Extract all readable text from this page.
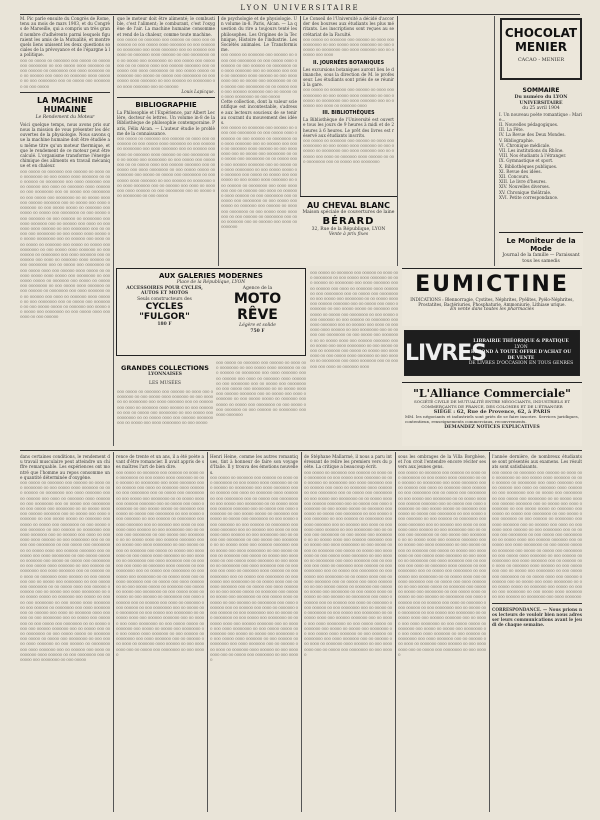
LYON UNIVERSITAIRE

M. Pic parle ensuite du Congrès de Rome, tenu au mois de mars 1903, et du Congrès de Marseille, qui a compris un très grand nombre d'adhérents parmi lesquels figuraient les amis de la Mutualité, et montre quels liens unissent les deux questions sociales de la prévoyance et de l'épargne à la politique.

ooo oo ooooo oo ooooooo ooo ooooo oo ooooo ooo oooooooo oo ooo ooooo oooo ooooooo oo ooo oooooo oo oooooooo ooo oooo ooooooo ooo oo oooooo ooo oooo oo ooooooo oooo oooooo oo ooo oooooooo ooo oo ooooo ooo oooooooo oo ooo ooooo

LA MACHINE HUMAINE

Le Rendement du Moteur

Voici quelque temps, nous avons pris sur nous la mission de vous présenter les découvertes de la physiologie. Nous savons que la machine humaine doit être étudiée au même titre qu'un moteur thermique, et que le rendement de ce moteur peut être calculé. L'organisme transforme l'énergie chimique des aliments en travail mécanique et en chaleur.

ooo ooooo oo ooooooo ooo oooooo oo oooo ooo oooooooo oo ooo ooooo oooo ooooooo oo ooo oooooo oo oooooooo ooo oooo ooooooo ooo oo oooooo ooo oooo oo ooooooo oooo oooooo oo ooo oooooooo ooo oo ooooo ooo oooooooo oo ooo ooooo ooo oooooooo oo oo ooooo oooo ooo oooooo ooooooo ooo oo ooooo ooo oooo oooooooo oo ooo ooooo ooooo oo ooooooo ooo ooooo oo ooooo ooo oooooooo oo ooo ooooo oooo ooooooo oo ooo oooooo oo oooooooo ooo oooo ooooooo ooo oo oooooo ooo oooo oo ooooooo oooo oooooo oo ooo oooooooo ooo oo ooooo ooo oooooooo oo ooo ooooo oooo ooooo oo ooooo oooooooo ooo oo oooooo ooo oooo oooo ooooo oo ooooooo ooo ooooo oo ooooo ooo oooooooo oo ooo ooooo oooo ooooooo oo ooo oooooo oo oooooooo ooo oooo ooooooo ooo oo oooooo ooo oooo oo ooooooo oooo oooooo oo ooo oooooooo ooo oo ooooo ooo oooooooo oo ooo ooooo oooo ooo oooooo oooo ooooo oo oooooo ooooo oooo ooooo ooo oooooooo oo ooo ooooo ooooo oo ooooooo ooo ooooo oo ooooo ooo oooooooo oo ooo ooooo oooo ooooooo oo ooo oooooo oo oooooooo ooo oooo ooooooo ooo oo oooooo ooo oooo oo ooooooo oooo oooooo oo ooo oooooooo ooo oo ooooo ooo oooooooo oo ooo ooooo ooooo oo ooooooo ooo ooooo oo ooooo ooo oooooooo oo ooo ooooo oooo ooooooo oo ooo oooooo

que le moteur doit être alimenté; le combustible, c'est l'aliment; le comburant, c'est l'oxygène de l'air. La machine humaine consomme et rend de la chaleur, comme toute machine.

ooo ooooo oo ooooooo ooo oooooo oo oooo ooo oooooooo oo ooo ooooo oooo ooooooo oo ooo oooooo oo oooooooo ooo oooo ooooooo ooo oo oooooo ooo oooo oo ooooooo oooo oooooo oo ooo oooooooo ooo oo ooooo ooo oooooooo oo ooo ooooo ooo oooooooo oo oo ooooo oooo ooo oooooo ooooooo ooo oo ooooo ooo oooo oooooooo oo ooo ooooo ooooo oo ooooooo ooo ooooo oo ooooo ooo oooooooo oo ooo ooooo oooo ooooooo oo ooo oooooo oo oooooooo ooo oooo ooooooo ooo oo oooooo

Louis Lapicque.

BIBLIOGRAPHIE

La Philosophie et l'Expérience, par Albert Leclère, docteur ès lettres. Un volume in-8 de la Bibliothèque de philosophie contemporaine. Paris, Félix Alcan. — L'auteur étudie le problème de la connaissance.

ooo ooooo oo ooooooo ooo oooooo oo oooo ooo oooooooo oo ooo ooooo oooo ooooooo oo ooo oooooo oo oooooooo ooo oooo ooooooo ooo oo oooooo ooo oooo oo ooooooo oooo oooooo oo ooo oooooooo ooo oo ooooo ooo oooooooo oo ooo ooooo ooo oooooooo oo oo ooooo oooo ooo oooooo ooooooo ooo oo ooooo ooo oooo oooooooo oo ooo ooooo ooooo oo ooooooo ooo ooooo oo ooooo ooo oooooooo oo ooo ooooo oooo ooooooo oo ooo oooooo oo oooooooo ooo oooo ooooooo ooo oo oooooo ooo oooo oo ooooooo oooo oooooo oo ooo oooooooo ooo oo ooooo ooo oooooooo oo ooo ooooo

de psychologie et de physiologie. Un volume in-8. Paris, Alcan. — La question du rire a toujours tenté les philosophes. Les Origines de la Technique, Histoire de l'industrie. Les Sociétés animales. Le Transformisme.

ooo ooooo oo ooooooo ooo oooooo oo oooo ooo oooooooo oo ooo ooooo oooo ooooooo oo ooo oooooo oo oooooooo ooo oooo ooooooo ooo oo oooooo ooo oooo oo ooooooo oooo oooooo oo ooo oooooooo ooo oo ooooo ooo oooooooo oo ooo ooooo ooo oooooooo oo oo ooooo oooo ooo oooooo ooooooo ooo oo ooooo ooo oooo oooooooo oo ooo ooooo

Cette collection, dont la valeur scientifique est incontestable, s'adresse aux lecteurs soucieux de se tenir au courant du mouvement des idées.

ooo ooooo oo ooooooo ooo oooooo oo oooo ooo oooooooo oo ooo ooooo oooo ooooooo oo ooo oooooo oo oooooooo ooo oooo ooooooo ooo oo oooooo ooo oooo oo ooooooo oooo oooooo oo ooo oooooooo ooo oo ooooo ooo oooooooo oo ooo ooooo ooo oooooooo oo oo ooooo oooo ooo oooooo ooooooo ooo oo ooooo ooo oooo oooooooo oo ooo ooooo ooooo oo ooooooo ooo ooooo oo ooooo ooo oooooooo oo ooo ooooo oooo ooooooo oo ooo oooooo oo oooooooo ooo oooo ooooooo ooo oo oooooo ooo oooo oo ooooooo oooo oooooo oo ooo oooooooo ooo oo ooooo ooo oooooooo oo ooo ooooo ooo ooooo oo ooooooo ooo oooooo oo oooo ooo oooooooo oo ooo ooooo oooo ooooooo oo ooo oooooo oo oooooooo ooo oooo ooooooo ooo oo oooooo ooo oooo oo ooooooo

Le Conseil de l'Université a décidé d'accorder des bourses aux étudiants les plus méritants. Les inscriptions sont reçues au secrétariat de la Faculté.

ooo ooooo oo ooooooo ooo oooooo oo oooo ooo oooooooo oo ooo ooooo oooo ooooooo oo ooo oooooo oo oooooooo ooo oooo ooooooo ooo oo oooooo ooo oooo

II. JOURNÉES BOTANIQUES

Les excursions botaniques auront lieu le dimanche, sous la direction de M. le professeur. Les étudiants sont priés de se réunir à la gare.

ooo ooooo oo ooooooo ooo oooooo oo oooo ooo oooooooo oo ooo ooooo oooo ooooooo oo ooo oooooo oo oooooooo ooo oooo ooooooo ooo oo oooooo ooo oooo oo ooooooo oooo

III. BIBLIOTHÈQUES

La Bibliothèque de l'Université est ouverte tous les jours de 9 heures à midi et de 2 heures à 6 heures. Le prêt des livres est réservé aux étudiants inscrits.

ooo ooooo oo ooooooo ooo oooooo oo oooo ooo oooooooo oo ooo ooooo oooo ooooooo oo ooo oooooo oo oooooooo ooo oooo ooooooo ooo oo oooooo ooo oooo oo ooooooo oooo oooooo oo ooo oooooooo ooo oo ooooo ooo oooooooo

AU CHEVAL BLANC
Maison spéciale de couvertures de laine
BÉRARD
32, Rue de la République, LYON
Vente à prix fixes
CHOCOLAT
MENIER
CACAO - MENIER
SOMMAIRE
Du numéro du LYON UNIVERSITAIRE
du 25 avril 1904
I. Un nouveau poète romantique : Marie...
II. Nouvelles pédagogiques.
III. La Fête.
IV. La Revue des Deux Mondes.
V. Bibliographie.
VI. Chronique médicale.
VII. Les institutions du Rhône.
VIII. Nos étudiants à l'étranger.
IX. Gymnastique et sport.
X. Bibliothèques publiques.
XI. Revue des idées.
XII. Concours.
XIII. Le livre d'heures.
XIV. Nouvelles diverses.
XV. Chronique théâtrale.
XVI. Petite correspondance.
Le Moniteur de la Mode
Journal de la famille — Paraissant tous les samedis
AUX GALERIES MODERNES
Place de la République, LYON
ACCESSOIRES POUR CYCLES, AUTOS ET MOTOS
Seuls constructeurs des
CYCLES "FULGOR"
180 F
Agence de la
MOTO RÊVE
Légère et solide
750 F
GRANDES COLLECTIONS
LYONNAISES
LES MUSÉES

ooo ooooo oo ooooooo ooo oooooo oo oooo ooo oooooooo oo ooo ooooo oooo ooooooo oo ooo oooooo oo oooooooo ooo oooo ooooooo ooo oo oooooo ooo oooo oo ooooooo oooo oooooo oo ooo oooooooo ooo oo ooooo ooo oooooooo oo ooo ooooo ooo oooooooo oo oo ooooo oooo ooo oooooo ooooooo ooo oo ooooo ooo oooo oooooooo oo ooo ooooo

ooo ooooo oo ooooooo ooo oooooo oo oooo ooo oooooooo oo ooo ooooo oooo ooooooo oo ooo oooooo oo oooooooo ooo oooo ooooooo ooo oo oooooo ooo oooo oo ooooooo oooo oooooo oo ooo oooooooo ooo oo ooooo ooo oooooooo oo ooo ooooo ooo oooooooo oo oo ooooo oooo ooo oooooo ooooooo ooo oo ooooo ooo oooo oooooooo oo ooo ooooo ooooo oo ooooooo ooo ooooo oo ooooo ooo oooooooo oo ooo ooooo oooo ooooooo oo ooo oooooo oo oooooooo ooo oooo ooooooo

ooo ooooo oo ooooooo ooo oooooo oo oooo ooo oooooooo oo ooo ooooo oooo ooooooo oo ooo oooooo oo oooooooo ooo oooo ooooooo ooo oo oooooo ooo oooo oo ooooooo oooo oooooo oo ooo oooooooo ooo oo ooooo ooo oooooooo oo ooo ooooo ooo oooooooo oo oo ooooo oooo ooo oooooo ooooooo ooo oo ooooo ooo oooo oooooooo oo ooo ooooo ooooo oo ooooooo ooo ooooo oo ooooo ooo oooooooo oo ooo ooooo oooo ooooooo oo ooo oooooo oo oooooooo ooo oooo ooooooo ooo oo oooooo ooo oooo oo ooooooo oooo oooooo oo ooo oooooooo ooo oo ooooo ooo oooooooo oo ooo ooooo ooo oooooooo oo oo ooooo oooo ooo oooooo ooooooo ooo oo ooooo ooo oooo oooooooo oo ooo ooooo ooooo oo ooooooo ooo ooooo oo ooooo ooo oooooooo oo ooo ooooo oooo ooooooo oo ooo oooooo oo oooooooo ooo oooo ooooooo ooo oo oooooo ooo oooo oo ooooooo oooo

EUMICTINE
INDICATIONS : Blennorragie, Cystites, Néphrites, Pyélites, Pyélo-Néphrites, Prostatites, Bactériuries, Phosphaturie, Ammoniurie, Lithiase urique.
En vente dans toutes les pharmacies
LIVRES
LIBRAIRIE THÉORIQUE & PRATIQUE
LYON
RÉPOND À TOUTE OFFRE D'ACHAT OU DE VENTE
DE LIVRES D'OCCASION EN TOUS GENRES
"L'Alliance Commerciale"
SOCIÉTÉ CIVILE DE MUTUALITÉ ENTRE NÉGOCIANTS, INDUSTRIELS ET COMMERÇANTS DE FRANCE, DES COLONIES ET DE L'ÉTRANGER
SIÈGE : 62, Rue de Provence, 62, à PARIS
MM. les négociants et industriels sont priés de se faire inscrire. Services juridiques, contentieux, renseignements commerciaux, recouvrements.
DEMANDEZ NOTICES EXPLICATIVES

dans certaines conditions, le rendement du travail musculaire peut atteindre un chiffre remarquable. Les expériences ont montré que l'homme au repos consomme une quantité déterminée d'oxygène.

ooo ooooo oo ooooooo ooo oooooo oo oooo ooo oooooooo oo ooo ooooo oooo ooooooo oo ooo oooooo oo oooooooo ooo oooo ooooooo ooo oo oooooo ooo oooo oo ooooooo oooo oooooo oo ooo oooooooo ooo oo ooooo ooo oooooooo oo ooo ooooo ooo oooooooo oo oo ooooo oooo ooo oooooo ooooooo ooo oo ooooo ooo oooo oooooooo oo ooo ooooo ooooo oo ooooooo ooo ooooo oo ooooo ooo oooooooo oo ooo ooooo oooo ooooooo oo ooo oooooo oo oooooooo ooo oooo ooooooo ooo oo oooooo ooo oooo oo ooooooo oooo oooooo oo ooo oooooooo ooo oo ooooo ooo oooooooo oo ooo ooooo ooo oooooooo oo oo ooooo oooo ooo oooooo ooooooo ooo oo ooooo ooo oooo oooooooo oo ooo ooooo ooooo oo ooooooo ooo ooooo oo ooooo ooo oooooooo oo ooo ooooo oooo ooooooo oo ooo oooooo oo oooooooo ooo oooo ooooooo ooo oo oooooo ooo oooo oo ooooooo oooo oooooo oo ooo oooooooo ooo oo ooooo ooo oooooooo oo ooo ooooo ooo oooooooo oo oo ooooo oooo ooo oooooo ooooooo ooo oo ooooo ooo oooo oooooooo oo ooo ooooo ooooo oo ooooooo ooo ooooo oo ooooo ooo oooooooo oo ooo ooooo oooo ooooooo oo ooo oooooo oo oooooooo ooo oooo ooooooo ooo oo oooooo ooo oooo oo ooooooo oooo oooooo oo ooo oooooooo ooo oo ooooo ooo oooooooo oo ooo ooooo ooo oooooooo oo oo ooooo oooo ooo oooooo ooooooo ooo oo ooooo ooo oooo oooooooo oo ooo ooooo ooooo oo ooooooo ooo ooooo oo ooooo ooo oooooooo oo ooo ooooo oooo ooooooo oo ooo oooooo oo oooooooo ooo oooo ooooooo ooo oo oooooo ooo oooo oo ooooooo oooo oooooo oo ooo oooooooo ooo oo ooooo ooo oooooooo oo ooo ooooo

rence de trente et un ans, il a été poète avant d'être romancier. Il avait appris de ses maîtres l'art de bien dire.

ooo ooooo oo ooooooo ooo oooooo oo oooo ooo oooooooo oo ooo ooooo oooo ooooooo oo ooo oooooo oo oooooooo ooo oooo ooooooo ooo oo oooooo ooo oooo oo ooooooo oooo oooooo oo ooo oooooooo ooo oo ooooo ooo oooooooo oo ooo ooooo ooo oooooooo oo oo ooooo oooo ooo oooooo ooooooo ooo oo ooooo ooo oooo oooooooo oo ooo ooooo ooooo oo ooooooo ooo ooooo oo ooooo ooo oooooooo oo ooo ooooo oooo ooooooo oo ooo oooooo oo oooooooo ooo oooo ooooooo ooo oo oooooo ooo oooo oo ooooooo oooo oooooo oo ooo oooooooo ooo oo ooooo ooo oooooooo oo ooo ooooo ooo oooooooo oo oo ooooo oooo ooo oooooo ooooooo ooo oo ooooo ooo oooo oooooooo oo ooo ooooo ooooo oo ooooooo ooo ooooo oo ooooo ooo oooooooo oo ooo ooooo oooo ooooooo oo ooo oooooo oo oooooooo ooo oooo ooooooo ooo oo oooooo ooo oooo oo ooooooo oooo oooooo oo ooo oooooooo ooo oo ooooo ooo oooooooo oo ooo ooooo ooo oooooooo oo oo ooooo oooo ooo oooooo ooooooo ooo oo ooooo ooo oooo oooooooo oo ooo ooooo ooooo oo ooooooo ooo ooooo oo ooooo ooo oooooooo oo ooo ooooo oooo ooooooo oo ooo oooooo oo oooooooo ooo oooo ooooooo ooo oo oooooo ooo oooo oo ooooooo oooo oooooo oo ooo oooooooo ooo oo ooooo ooo oooooooo oo ooo ooooo ooo oooooooo oo oo ooooo oooo ooo oooooo ooooooo ooo oo ooooo ooo oooo oooooooo oo ooo ooooo ooooo oo ooooooo ooo ooooo oo ooooo ooo oooooooo oo ooo ooooo oooo ooooooo oo ooo oooooo oo oooooooo ooo oooo ooooooo ooo oo oooooo ooo oooo oo ooooooo oooo oooooo oo ooo oooooooo ooo oo ooooo ooo oooooooo oo ooo ooooo

Henri Heine, comme les autres romantiques, tint à honneur de faire son voyage d'Italie. Il y trouva des émotions nouvelles.

ooo ooooo oo ooooooo ooo oooooo oo oooo ooo oooooooo oo ooo ooooo oooo ooooooo oo ooo oooooo oo oooooooo ooo oooo ooooooo ooo oo oooooo ooo oooo oo ooooooo oooo oooooo oo ooo oooooooo ooo oo ooooo ooo oooooooo oo ooo ooooo ooo oooooooo oo oo ooooo oooo ooo oooooo ooooooo ooo oo ooooo ooo oooo oooooooo oo ooo ooooo ooooo oo ooooooo ooo ooooo oo ooooo ooo oooooooo oo ooo ooooo oooo ooooooo oo ooo oooooo oo oooooooo ooo oooo ooooooo ooo oo oooooo ooo oooo oo ooooooo oooo oooooo oo ooo oooooooo ooo oo ooooo ooo oooooooo oo ooo ooooo ooo oooooooo oo oo ooooo oooo ooo oooooo ooooooo ooo oo ooooo ooo oooo oooooooo oo ooo ooooo ooooo oo ooooooo ooo ooooo oo ooooo ooo oooooooo oo ooo ooooo oooo ooooooo oo ooo oooooo oo oooooooo ooo oooo ooooooo ooo oo oooooo ooo oooo oo ooooooo oooo oooooo oo ooo oooooooo ooo oo ooooo ooo oooooooo oo ooo ooooo ooo oooooooo oo oo ooooo oooo ooo oooooo ooooooo ooo oo ooooo ooo oooo oooooooo oo ooo ooooo ooooo oo ooooooo ooo ooooo oo ooooo ooo oooooooo oo ooo ooooo oooo ooooooo oo ooo oooooo oo oooooooo ooo oooo ooooooo ooo oo oooooo ooo oooo oo ooooooo oooo oooooo oo ooo oooooooo ooo oo ooooo ooo oooooooo oo ooo ooooo ooo oooooooo oo oo ooooo oooo ooo oooooo ooooooo ooo oo ooooo ooo oooo oooooooo oo ooo ooooo ooooo oo ooooooo ooo ooooo oo ooooo ooo oooooooo oo ooo ooooo oooo ooooooo oo ooo oooooo oo oooooooo ooo oooo ooooooo ooo oo oooooo ooo oooo oo ooooooo oooo oooooo oo ooo oooooooo ooo oo ooooo ooo oooooooo oo ooo ooooo

de Stéphane Mallarmé, il nous a paru intéressant de relire les premiers vers du poète. La critique a beaucoup écrit.

ooo ooooo oo ooooooo ooo oooooo oo oooo ooo oooooooo oo ooo ooooo oooo ooooooo oo ooo oooooo oo oooooooo ooo oooo ooooooo ooo oo oooooo ooo oooo oo ooooooo oooo oooooo oo ooo oooooooo ooo oo ooooo ooo oooooooo oo ooo ooooo ooo oooooooo oo oo ooooo oooo ooo oooooo ooooooo ooo oo ooooo ooo oooo oooooooo oo ooo ooooo ooooo oo ooooooo ooo ooooo oo ooooo ooo oooooooo oo ooo ooooo oooo ooooooo oo ooo oooooo oo oooooooo ooo oooo ooooooo ooo oo oooooo ooo oooo oo ooooooo oooo oooooo oo ooo oooooooo ooo oo ooooo ooo oooooooo oo ooo ooooo ooo oooooooo oo oo ooooo oooo ooo oooooo ooooooo ooo oo ooooo ooo oooo oooooooo oo ooo ooooo ooooo oo ooooooo ooo ooooo oo ooooo ooo oooooooo oo ooo ooooo oooo ooooooo oo ooo oooooo oo oooooooo ooo oooo ooooooo ooo oo oooooo ooo oooo oo ooooooo oooo oooooo oo ooo oooooooo ooo oo ooooo ooo oooooooo oo ooo ooooo ooo oooooooo oo oo ooooo oooo ooo oooooo ooooooo ooo oo ooooo ooo oooo oooooooo oo ooo ooooo ooooo oo ooooooo ooo ooooo oo ooooo ooo oooooooo oo ooo ooooo oooo ooooooo oo ooo oooooo oo oooooooo ooo oooo ooooooo ooo oo oooooo ooo oooo oo ooooooo oooo oooooo oo ooo oooooooo ooo oo ooooo ooo oooooooo oo ooo ooooo ooo oooooooo oo oo ooooo oooo ooo oooooo ooooooo ooo oo ooooo ooo oooo oooooooo oo ooo ooooo ooooo oo ooooooo ooo ooooo oo ooooo ooo oooooooo oo ooo ooooo oooo ooooooo oo ooo oooooo oo oooooooo ooo oooo ooooooo ooo oo oooooo ooo oooo oo ooooooo oooo oooooo oo ooo oooooooo ooo oo ooooo ooo oooooooo oo ooo ooooo

sous les ombrages de la Villa Borghèse, et l'on croit l'entendre encore réciter ses vers aux jeunes gens.

ooo ooooo oo ooooooo ooo oooooo oo oooo ooo oooooooo oo ooo ooooo oooo ooooooo oo ooo oooooo oo oooooooo ooo oooo ooooooo ooo oo oooooo ooo oooo oo ooooooo oooo oooooo oo ooo oooooooo ooo oo ooooo ooo oooooooo oo ooo ooooo ooo oooooooo oo oo ooooo oooo ooo oooooo ooooooo ooo oo ooooo ooo oooo oooooooo oo ooo ooooo ooooo oo ooooooo ooo ooooo oo ooooo ooo oooooooo oo ooo ooooo oooo ooooooo oo ooo oooooo oo oooooooo ooo oooo ooooooo ooo oo oooooo ooo oooo oo ooooooo oooo oooooo oo ooo oooooooo ooo oo ooooo ooo oooooooo oo ooo ooooo ooo oooooooo oo oo ooooo oooo ooo oooooo ooooooo ooo oo ooooo ooo oooo oooooooo oo ooo ooooo ooooo oo ooooooo ooo ooooo oo ooooo ooo oooooooo oo ooo ooooo oooo ooooooo oo ooo oooooo oo oooooooo ooo oooo ooooooo ooo oo oooooo ooo oooo oo ooooooo oooo oooooo oo ooo oooooooo ooo oo ooooo ooo oooooooo oo ooo ooooo ooo oooooooo oo oo ooooo oooo ooo oooooo ooooooo ooo oo ooooo ooo oooo oooooooo oo ooo ooooo ooooo oo ooooooo ooo ooooo oo ooooo ooo oooooooo oo ooo ooooo oooo ooooooo oo ooo oooooo oo oooooooo ooo oooo ooooooo ooo oo oooooo ooo oooo oo ooooooo oooo oooooo oo ooo oooooooo ooo oo ooooo ooo oooooooo oo ooo ooooo ooo oooooooo oo oo ooooo oooo ooo oooooo ooooooo ooo oo ooooo ooo oooo oooooooo oo ooo ooooo ooooo oo ooooooo ooo ooooo oo ooooo ooo oooooooo oo ooo ooooo oooo ooooooo oo ooo oooooo oo oooooooo ooo oooo ooooooo ooo oo oooooo ooo oooo oo ooooooo oooo oooooo oo ooo oooooooo ooo oo ooooo ooo oooooooo oo ooo ooooo

l'année dernière, de nombreux étudiants se sont présentés aux examens. Les résultats sont satisfaisants.

ooo ooooo oo ooooooo ooo oooooo oo oooo ooo oooooooo oo ooo ooooo oooo ooooooo oo ooo oooooo oo oooooooo ooo oooo ooooooo ooo oo oooooo ooo oooo oo ooooooo oooo oooooo oo ooo oooooooo ooo oo ooooo ooo oooooooo oo ooo ooooo ooo oooooooo oo oo ooooo oooo ooo oooooo ooooooo ooo oo ooooo ooo oooo oooooooo oo ooo ooooo ooooo oo ooooooo ooo ooooo oo ooooo ooo oooooooo oo ooo ooooo oooo ooooooo oo ooo oooooo oo oooooooo ooo oooo ooooooo ooo oo oooooo ooo oooo oo ooooooo oooo oooooo oo ooo oooooooo ooo oo ooooo ooo oooooooo oo ooo ooooo ooo oooooooo oo oo ooooo oooo ooo oooooo ooooooo ooo oo ooooo ooo oooo oooooooo oo ooo ooooo ooooo oo ooooooo ooo ooooo oo ooooo ooo oooooooo oo ooo ooooo oooo ooooooo oo ooo oooooo oo oooooooo ooo oooo ooooooo ooo oo oooooo ooo oooo oo ooooooo oooo oooooo oo ooo oooooooo ooo oo ooooo ooo oooooooo oo ooo ooooo ooo oooooooo oo oo ooooo oooo ooo oooooo ooooooo ooo oo ooooo ooo oooo oooooooo oo ooo ooooo ooooo oo ooooooo ooo ooooo oo ooooo ooo oooooooo oo ooo ooooo oooo ooooooo oo ooo oooooo oo oooooooo ooo oooo ooooooo

CORRESPONDANCE. — Nous prions nos lecteurs de vouloir bien nous adresser leurs communications avant le jeudi de chaque semaine.
